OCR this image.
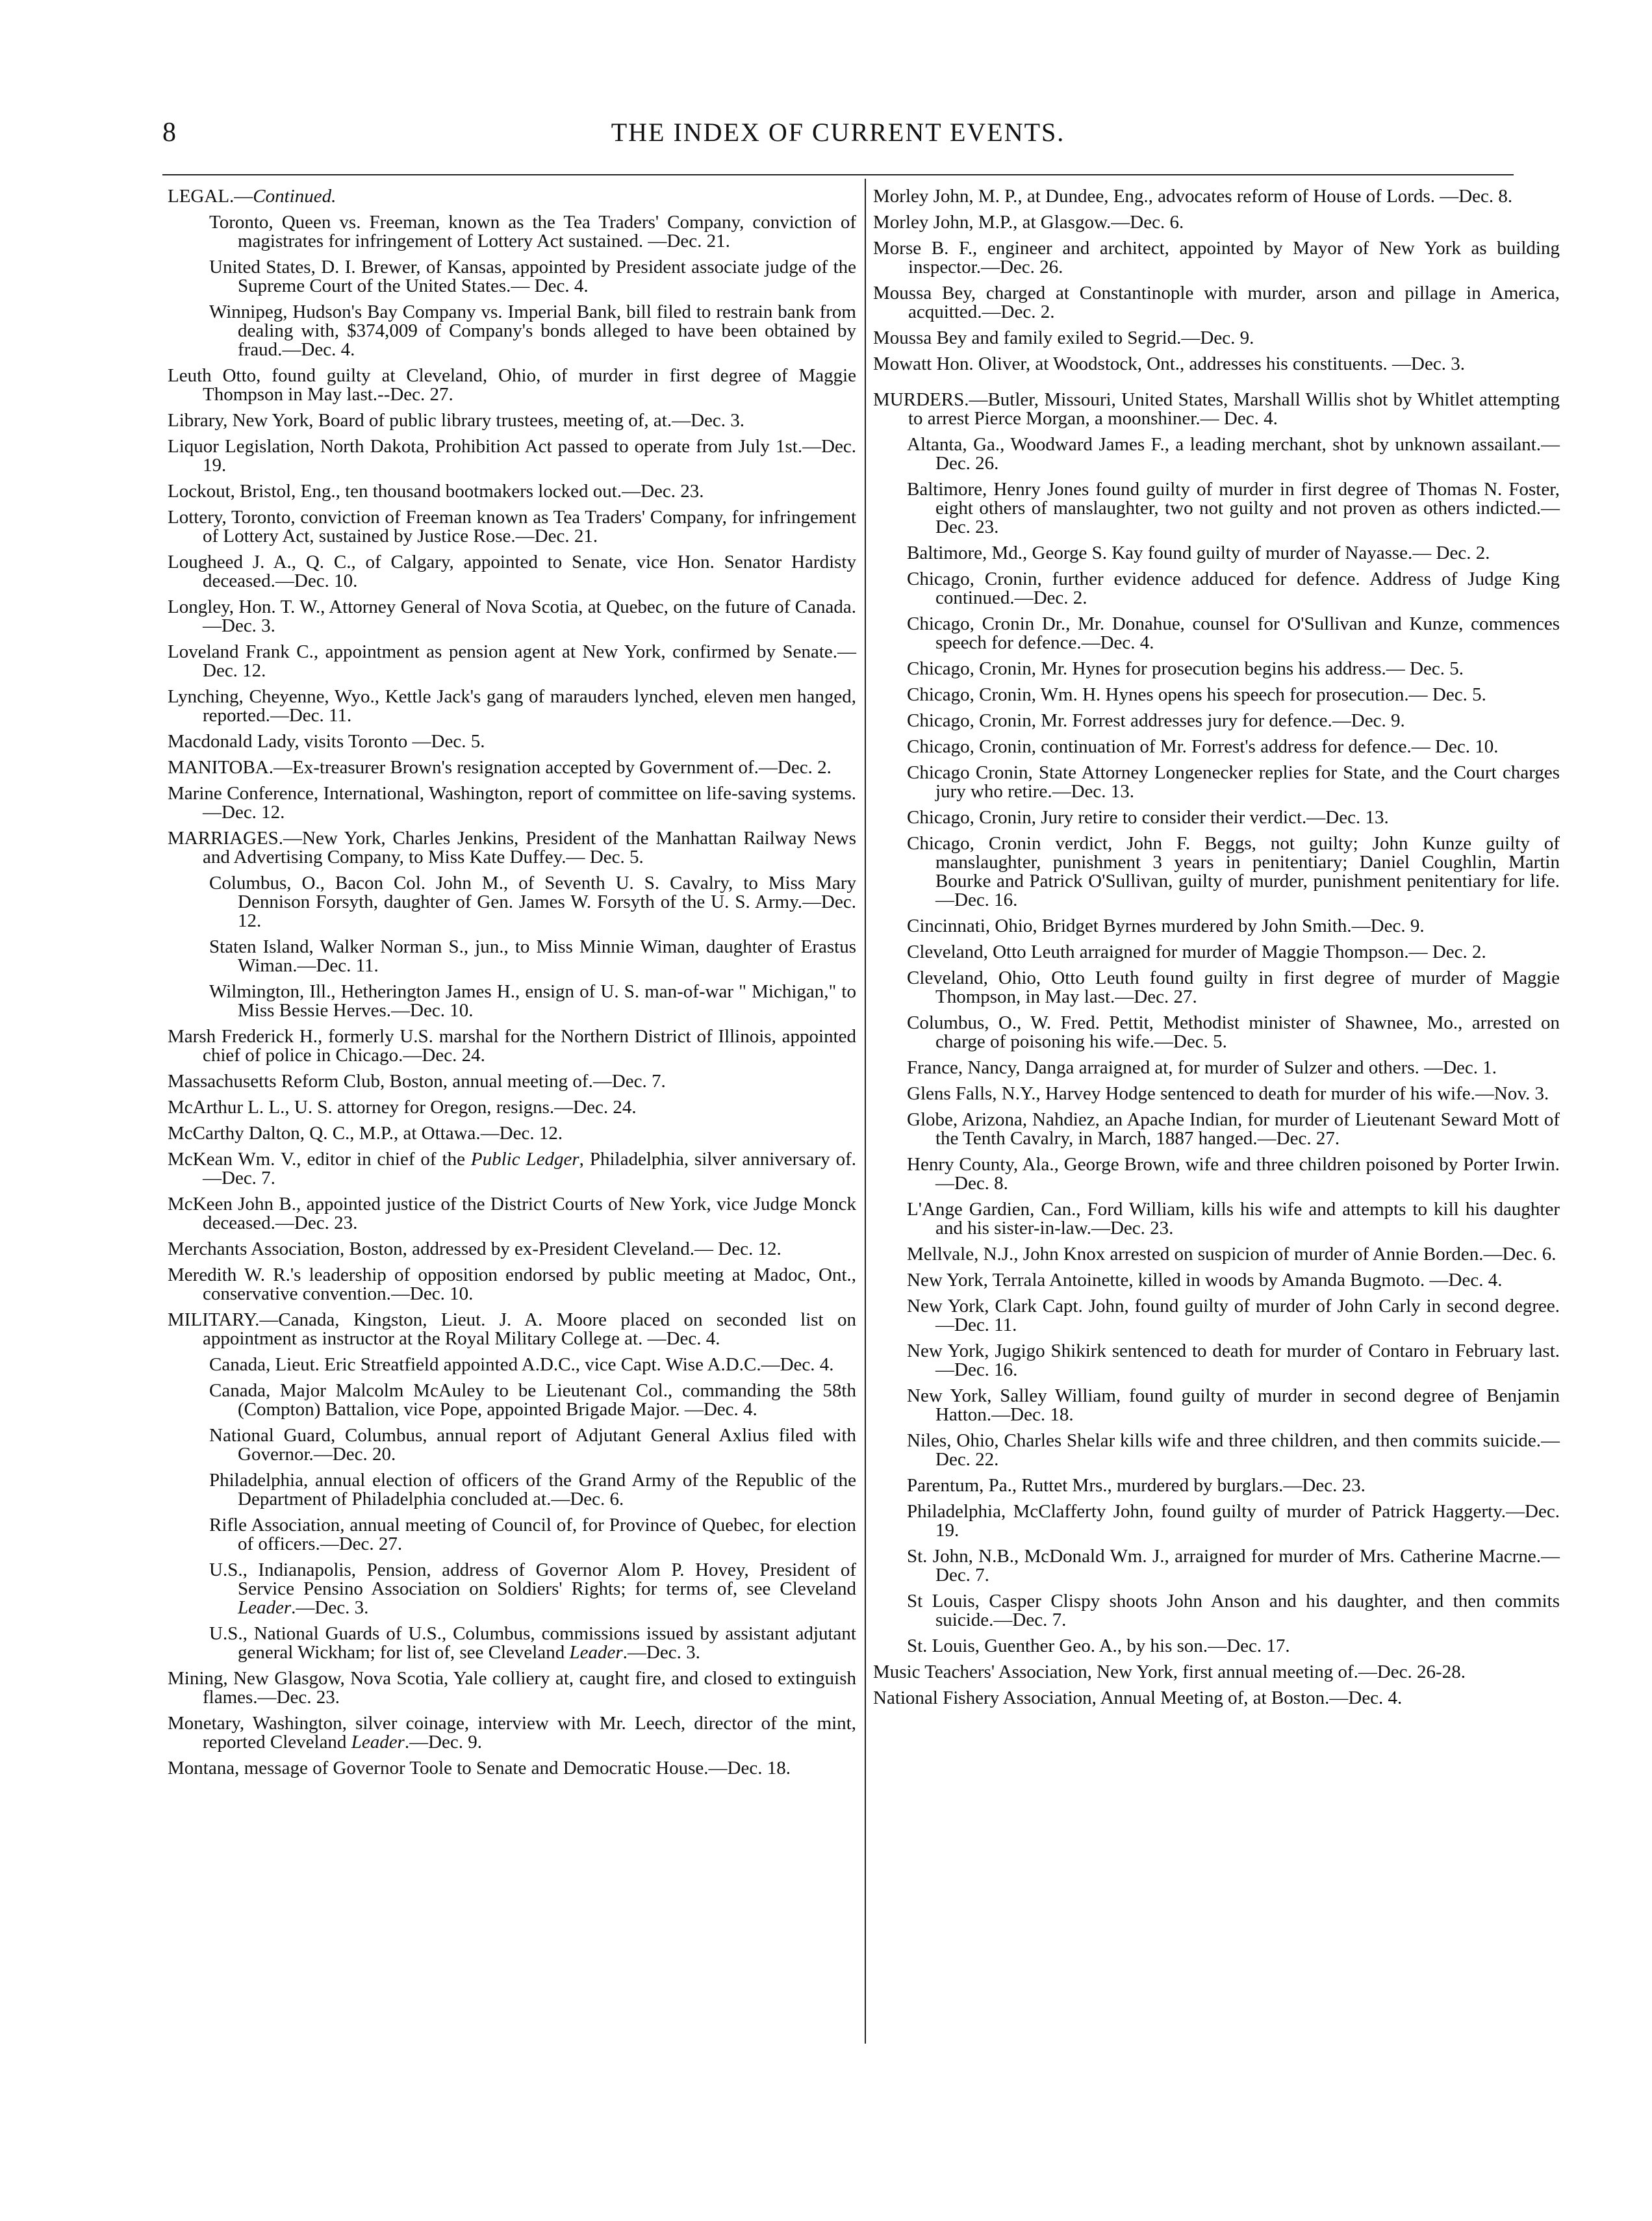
8	THE INDEX OF CURRENT EVENTS.

LEGAL.—Continued.

Toronto, Queen vs. Freeman, known as the Tea Traders' Company, conviction of magistrates for infringement of Lottery Act sustained. —Dec. 21.

United States, D. I. Brewer, of Kansas, appointed by President associate judge of the Supreme Court of the United States.— Dec. 4.

Winnipeg, Hudson's Bay Company vs. Imperial Bank, bill filed to restrain bank from dealing with, $374,009 of Company's bonds alleged to have been obtained by fraud.—Dec. 4.

Leuth Otto, found guilty at Cleveland, Ohio, of murder in first degree of Maggie Thompson in May last.--Dec. 27.

Library, New York, Board of public library trustees, meeting of, at.—Dec. 3.

Liquor Legislation, North Dakota, Prohibition Act passed to operate from July 1st.—Dec. 19.

Lockout, Bristol, Eng., ten thousand bootmakers locked out.—Dec. 23.

Lottery, Toronto, conviction of Freeman known as Tea Traders' Company, for infringement of Lottery Act, sustained by Justice Rose.—Dec. 21.

Lougheed J. A., Q. C., of Calgary, appointed to Senate, vice Hon. Senator Hardisty deceased.—Dec. 10.

Longley, Hon. T. W., Attorney General of Nova Scotia, at Quebec, on the future of Canada.—Dec. 3.

Loveland Frank C., appointment as pension agent at New York, confirmed by Senate.—Dec. 12.

Lynching, Cheyenne, Wyo., Kettle Jack's gang of marauders lynched, eleven men hanged, reported.—Dec. 11.

Macdonald Lady, visits Toronto —Dec. 5.

MANITOBA.—Ex-treasurer Brown's resignation accepted by Government of.—Dec. 2.

Marine Conference, International, Washington, report of committee on life-saving systems.—Dec. 12.

MARRIAGES.—New York, Charles Jenkins, President of the Manhattan Railway News and Advertising Company, to Miss Kate Duffey.— Dec. 5.

Columbus, O., Bacon Col. John M., of Seventh U. S. Cavalry, to Miss Mary Dennison Forsyth, daughter of Gen. James W. Forsyth of the U. S. Army.—Dec. 12.

Staten Island, Walker Norman S., jun., to Miss Minnie Wiman, daughter of Erastus Wiman.—Dec. 11.

Wilmington, Ill., Hetherington James H., ensign of U. S. man-of-war " Michigan," to Miss Bessie Herves.—Dec. 10.

Marsh Frederick H., formerly U.S. marshal for the Northern District of Illinois, appointed chief of police in Chicago.—Dec. 24.

Massachusetts Reform Club, Boston, annual meeting of.—Dec. 7.

McArthur L. L., U. S. attorney for Oregon, resigns.—Dec. 24.

McCarthy Dalton, Q. C., M.P., at Ottawa.—Dec. 12.

McKean Wm. V., editor in chief of the Public Ledger, Philadelphia, silver anniversary of.—Dec. 7.

McKeen John B., appointed justice of the District Courts of New York, vice Judge Monck deceased.—Dec. 23.

Merchants Association, Boston, addressed by ex-President Cleveland.— Dec. 12.

Meredith W. R.'s leadership of opposition endorsed by public meeting at Madoc, Ont., conservative convention.—Dec. 10.

MILITARY.—Canada, Kingston, Lieut. J. A. Moore placed on seconded list on appointment as instructor at the Royal Military College at. —Dec. 4.

Canada, Lieut. Eric Streatfield appointed A.D.C., vice Capt. Wise A.D.C.—Dec. 4.

Canada, Major Malcolm McAuley to be Lieutenant Col., commanding the 58th (Compton) Battalion, vice Pope, appointed Brigade Major. —Dec. 4.

National Guard, Columbus, annual report of Adjutant General Axlius filed with Governor.—Dec. 20.

Philadelphia, annual election of officers of the Grand Army of the Republic of the Department of Philadelphia concluded at.—Dec. 6.

Rifle Association, annual meeting of Council of, for Province of Quebec, for election of officers.—Dec. 27.

U.S., Indianapolis, Pension, address of Governor Alom P. Hovey, President of Service Pensino Association on Soldiers' Rights; for terms of, see Cleveland Leader.—Dec. 3.

U.S., National Guards of U.S., Columbus, commissions issued by assistant adjutant general Wickham; for list of, see Cleveland Leader.—Dec. 3.

Mining, New Glasgow, Nova Scotia, Yale colliery at, caught fire, and closed to extinguish flames.—Dec. 23.

Monetary, Washington, silver coinage, interview with Mr. Leech, director of the mint, reported Cleveland Leader.—Dec. 9.

Montana, message of Governor Toole to Senate and Democratic House.—Dec. 18.

Morley John, M. P., at Dundee, Eng., advocates reform of House of Lords. —Dec. 8.

Morley John, M.P., at Glasgow.—Dec. 6.

Morse B. F., engineer and architect, appointed by Mayor of New York as building inspector.—Dec. 26.

Moussa Bey, charged at Constantinople with murder, arson and pillage in America, acquitted.—Dec. 2.

Moussa Bey and family exiled to Segrid.—Dec. 9.

Mowatt Hon. Oliver, at Woodstock, Ont., addresses his constituents. —Dec. 3.

MURDERS.—Butler, Missouri, United States, Marshall Willis shot by Whitlet attempting to arrest Pierce Morgan, a moonshiner.— Dec. 4.

Altanta, Ga., Woodward James F., a leading merchant, shot by unknown assailant.—Dec. 26.

Baltimore, Henry Jones found guilty of murder in first degree of Thomas N. Foster, eight others of manslaughter, two not guilty and not proven as others indicted.—Dec. 23.

Baltimore, Md., George S. Kay found guilty of murder of Nayasse.— Dec. 2.

Chicago, Cronin, further evidence adduced for defence. Address of Judge King continued.—Dec. 2.

Chicago, Cronin Dr., Mr. Donahue, counsel for O'Sullivan and Kunze, commences speech for defence.—Dec. 4.

Chicago, Cronin, Mr. Hynes for prosecution begins his address.— Dec. 5.

Chicago, Cronin, Wm. H. Hynes opens his speech for prosecution.— Dec. 5.

Chicago, Cronin, Mr. Forrest addresses jury for defence.—Dec. 9.

Chicago, Cronin, continuation of Mr. Forrest's address for defence.— Dec. 10.

Chicago Cronin, State Attorney Longenecker replies for State, and the Court charges jury who retire.—Dec. 13.

Chicago, Cronin, Jury retire to consider their verdict.—Dec. 13.

Chicago, Cronin verdict, John F. Beggs, not guilty; John Kunze guilty of manslaughter, punishment 3 years in penitentiary; Daniel Coughlin, Martin Bourke and Patrick O'Sullivan, guilty of murder, punishment penitentiary for life.—Dec. 16.

Cincinnati, Ohio, Bridget Byrnes murdered by John Smith.—Dec. 9.

Cleveland, Otto Leuth arraigned for murder of Maggie Thompson.— Dec. 2.

Cleveland, Ohio, Otto Leuth found guilty in first degree of murder of Maggie Thompson, in May last.—Dec. 27.

Columbus, O., W. Fred. Pettit, Methodist minister of Shawnee, Mo., arrested on charge of poisoning his wife.—Dec. 5.

France, Nancy, Danga arraigned at, for murder of Sulzer and others. —Dec. 1.

Glens Falls, N.Y., Harvey Hodge sentenced to death for murder of his wife.—Nov. 3.

Globe, Arizona, Nahdiez, an Apache Indian, for murder of Lieutenant Seward Mott of the Tenth Cavalry, in March, 1887 hanged.—Dec. 27.

Henry County, Ala., George Brown, wife and three children poisoned by Porter Irwin.—Dec. 8.

L'Ange Gardien, Can., Ford William, kills his wife and attempts to kill his daughter and his sister-in-law.—Dec. 23.

Mellvale, N.J., John Knox arrested on suspicion of murder of Annie Borden.—Dec. 6.

New York, Terrala Antoinette, killed in woods by Amanda Bugmoto. —Dec. 4.

New York, Clark Capt. John, found guilty of murder of John Carly in second degree.—Dec. 11.

New York, Jugigo Shikirk sentenced to death for murder of Contaro in February last.—Dec. 16.

New York, Salley William, found guilty of murder in second degree of Benjamin Hatton.—Dec. 18.

Niles, Ohio, Charles Shelar kills wife and three children, and then commits suicide.—Dec. 22.

Parentum, Pa., Ruttet Mrs., murdered by burglars.—Dec. 23.

Philadelphia, McClafferty John, found guilty of murder of Patrick Haggerty.—Dec. 19.

St. John, N.B., McDonald Wm. J., arraigned for murder of Mrs. Catherine Macrne.—Dec. 7.

St Louis, Casper Clispy shoots John Anson and his daughter, and then commits suicide.—Dec. 7.

St. Louis, Guenther Geo. A., by his son.—Dec. 17.

Music Teachers' Association, New York, first annual meeting of.—Dec. 26-28.

National Fishery Association, Annual Meeting of, at Boston.—Dec. 4.
